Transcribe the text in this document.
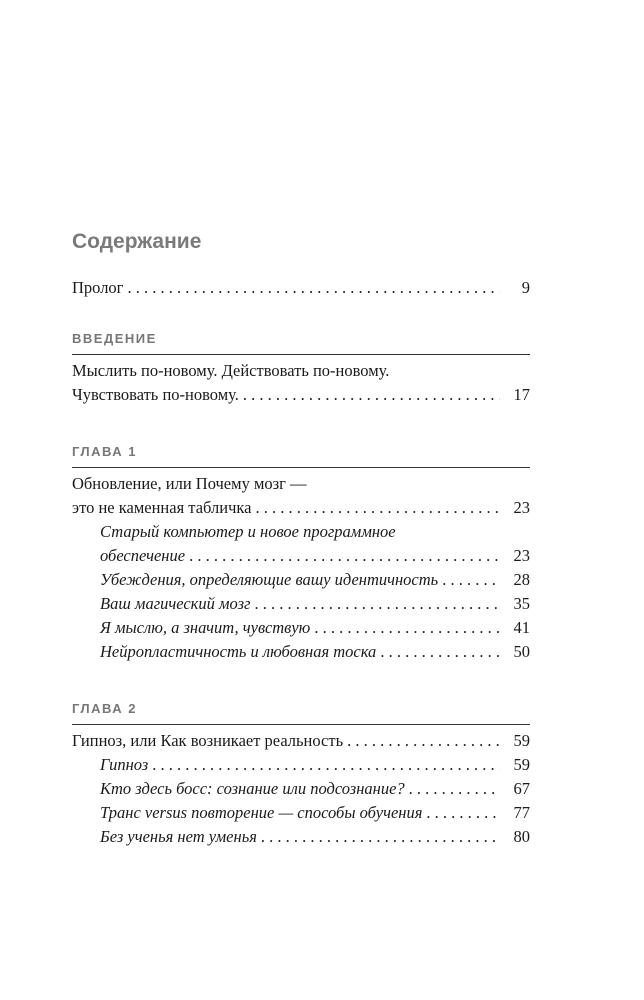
Содержание
Пролог . . .	9
ВВЕДЕНИЕ
Мыслить по-новому. Действовать по-новому.
Чувствовать по-новому. . . .	17
ГЛАВА 1
Обновление, или Почему мозг —
это не каменная табличка . . .	23
Старый компьютер и новое программное
обеспечение . . .	23
Убеждения, определяющие вашу идентичность . . .	28
Ваш магический мозг . . .	35
Я мыслю, а значит, чувствую . . .	41
Нейропластичность и любовная тоска . . .	50
ГЛАВА 2
Гипноз, или Как возникает реальность . . .	59
Гипноз . . .	59
Кто здесь босс: сознание или подсознание? . . .	67
Транс versus повторение — способы обучения . . .	77
Без ученья нет уменья . . .	80
